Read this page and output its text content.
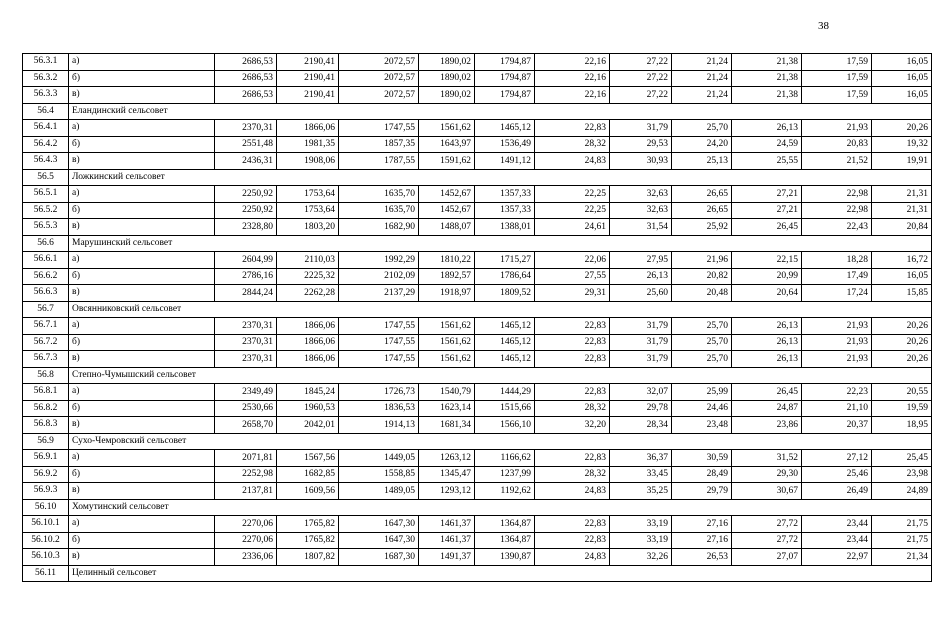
38
56.3.1	а)	2686,53	2190,41	2072,57	1890,02	1794,87	22,16	27,22	21,24	21,38	17,59	16,05
56.3.2	б)	2686,53	2190,41	2072,57	1890,02	1794,87	22,16	27,22	21,24	21,38	17,59	16,05
56.3.3	в)	2686,53	2190,41	2072,57	1890,02	1794,87	22,16	27,22	21,24	21,38	17,59	16,05
56.4	Еландинский сельсовет											
56.4.1	а)	2370,31	1866,06	1747,55	1561,62	1465,12	22,83	31,79	25,70	26,13	21,93	20,26
56.4.2	б)	2551,48	1981,35	1857,35	1643,97	1536,49	28,32	29,53	24,20	24,59	20,83	19,32
56.4.3	в)	2436,31	1908,06	1787,55	1591,62	1491,12	24,83	30,93	25,13	25,55	21,52	19,91
56.5	Ложкинский сельсовет											
56.5.1	а)	2250,92	1753,64	1635,70	1452,67	1357,33	22,25	32,63	26,65	27,21	22,98	21,31
56.5.2	б)	2250,92	1753,64	1635,70	1452,67	1357,33	22,25	32,63	26,65	27,21	22,98	21,31
56.5.3	в)	2328,80	1803,20	1682,90	1488,07	1388,01	24,61	31,54	25,92	26,45	22,43	20,84
56.6	Марушинский сельсовет											
56.6.1	а)	2604,99	2110,03	1992,29	1810,22	1715,27	22,06	27,95	21,96	22,15	18,28	16,72
56.6.2	б)	2786,16	2225,32	2102,09	1892,57	1786,64	27,55	26,13	20,82	20,99	17,49	16,05
56.6.3	в)	2844,24	2262,28	2137,29	1918,97	1809,52	29,31	25,60	20,48	20,64	17,24	15,85
56.7	Овсянниковский сельсовет											
56.7.1	а)	2370,31	1866,06	1747,55	1561,62	1465,12	22,83	31,79	25,70	26,13	21,93	20,26
56.7.2	б)	2370,31	1866,06	1747,55	1561,62	1465,12	22,83	31,79	25,70	26,13	21,93	20,26
56.7.3	в)	2370,31	1866,06	1747,55	1561,62	1465,12	22,83	31,79	25,70	26,13	21,93	20,26
56.8	Степно-Чумышский сельсовет											
56.8.1	а)	2349,49	1845,24	1726,73	1540,79	1444,29	22,83	32,07	25,99	26,45	22,23	20,55
56.8.2	б)	2530,66	1960,53	1836,53	1623,14	1515,66	28,32	29,78	24,46	24,87	21,10	19,59
56.8.3	в)	2658,70	2042,01	1914,13	1681,34	1566,10	32,20	28,34	23,48	23,86	20,37	18,95
56.9	Сухо-Чемровский сельсовет											
56.9.1	а)	2071,81	1567,56	1449,05	1263,12	1166,62	22,83	36,37	30,59	31,52	27,12	25,45
56.9.2	б)	2252,98	1682,85	1558,85	1345,47	1237,99	28,32	33,45	28,49	29,30	25,46	23,98
56.9.3	в)	2137,81	1609,56	1489,05	1293,12	1192,62	24,83	35,25	29,79	30,67	26,49	24,89
56.10	Хомутинский сельсовет											
56.10.1	а)	2270,06	1765,82	1647,30	1461,37	1364,87	22,83	33,19	27,16	27,72	23,44	21,75
56.10.2	б)	2270,06	1765,82	1647,30	1461,37	1364,87	22,83	33,19	27,16	27,72	23,44	21,75
56.10.3	в)	2336,06	1807,82	1687,30	1491,37	1390,87	24,83	32,26	26,53	27,07	22,97	21,34
56.11	Целинный сельсовет											
